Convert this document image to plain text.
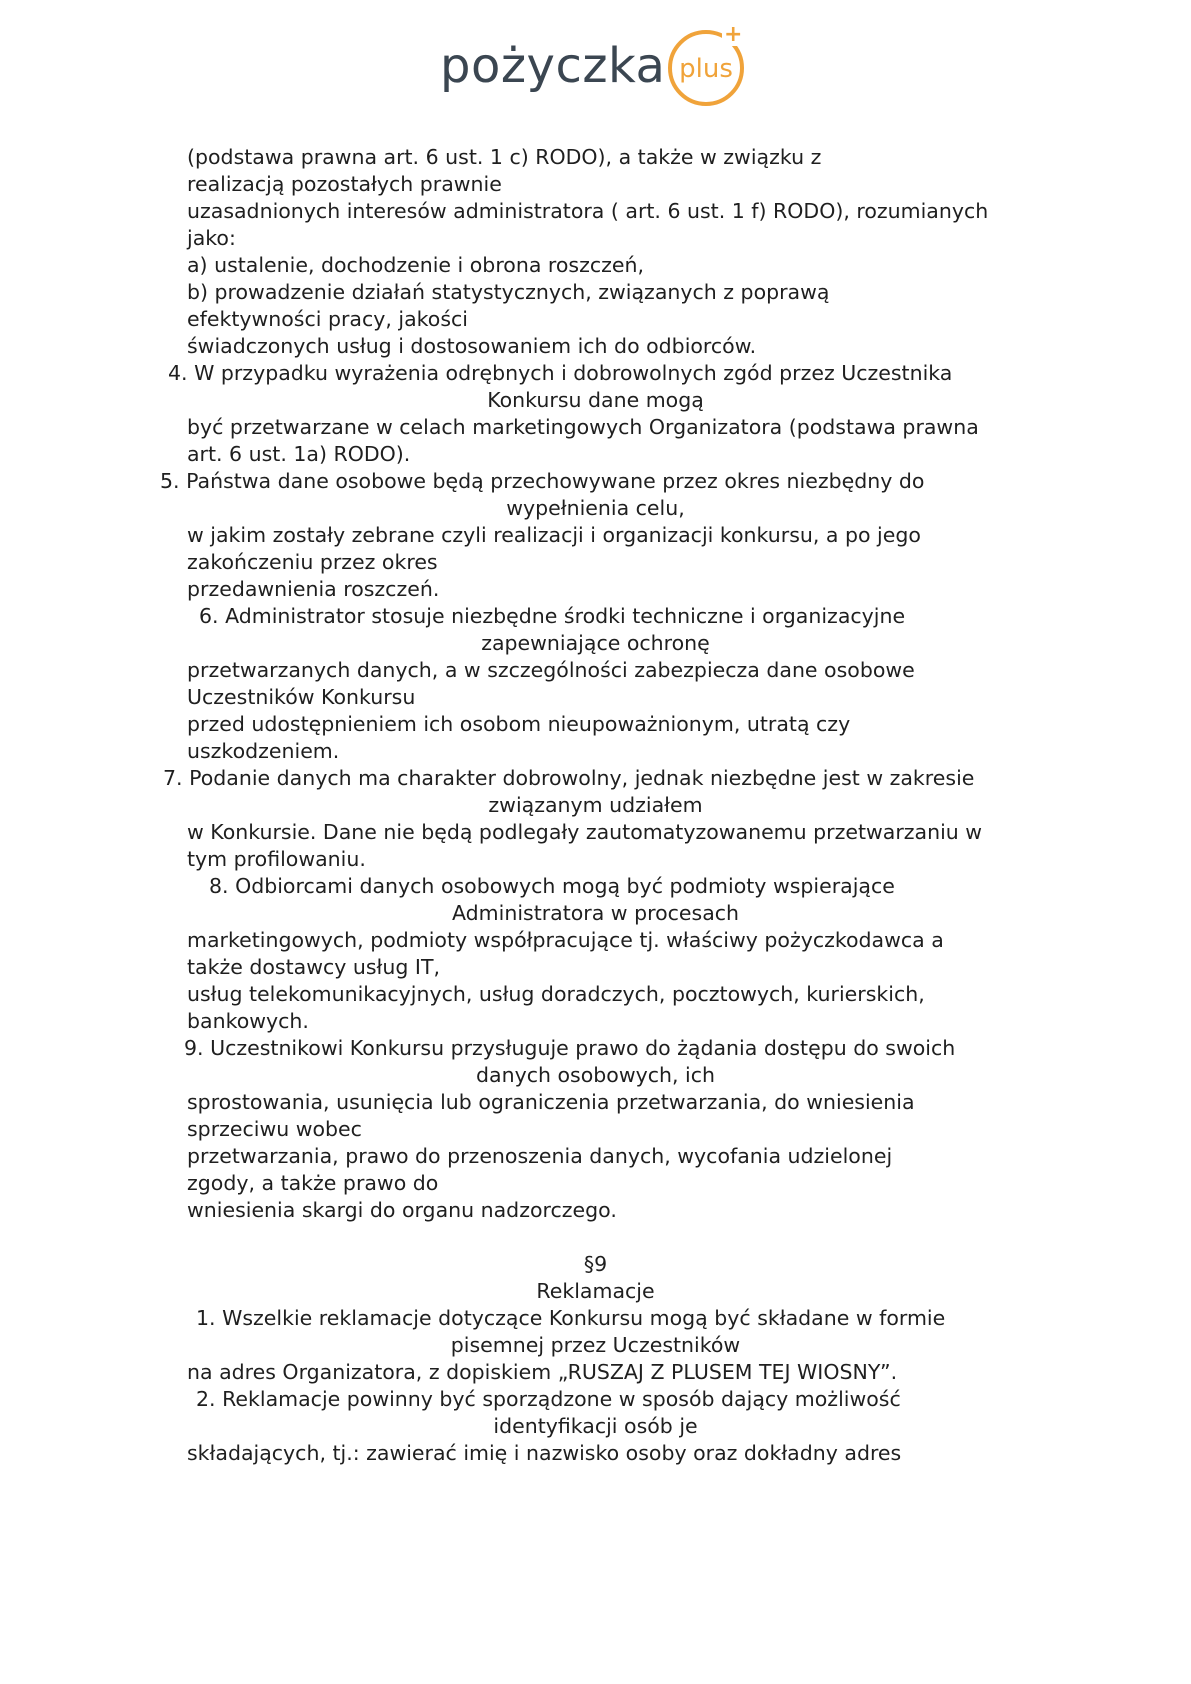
pożyczka plus
+
(podstawa prawna art. 6 ust. 1 c) RODO), a także w związku z
realizacją pozostałych prawnie
uzasadnionych interesów administratora ( art. 6 ust. 1 f) RODO), rozumianych
jako:
a) ustalenie, dochodzenie i obrona roszczeń,
b) prowadzenie działań statystycznych, związanych z poprawą
efektywności pracy, jakości
świadczonych usług i dostosowaniem ich do odbiorców.
4. W przypadku wyrażenia odrębnych i dobrowolnych zgód przez Uczestnika
Konkursu dane mogą
być przetwarzane w celach marketingowych Organizatora (podstawa prawna
art. 6 ust. 1a) RODO).
5. Państwa dane osobowe będą przechowywane przez okres niezbędny do
wypełnienia celu,
w jakim zostały zebrane czyli realizacji i organizacji konkursu, a po jego
zakończeniu przez okres
przedawnienia roszczeń.
6. Administrator stosuje niezbędne środki techniczne i organizacyjne
zapewniające ochronę
przetwarzanych danych, a w szczególności zabezpiecza dane osobowe
Uczestników Konkursu
przed udostępnieniem ich osobom nieupoważnionym, utratą czy
uszkodzeniem.
7. Podanie danych ma charakter dobrowolny, jednak niezbędne jest w zakresie
związanym udziałem
w Konkursie. Dane nie będą podlegały zautomatyzowanemu przetwarzaniu w
tym profilowaniu.
8. Odbiorcami danych osobowych mogą być podmioty wspierające
Administratora w procesach
marketingowych, podmioty współpracujące tj. właściwy pożyczkodawca a
także dostawcy usług IT,
usług telekomunikacyjnych, usług doradczych, pocztowych, kurierskich,
bankowych.
9. Uczestnikowi Konkursu przysługuje prawo do żądania dostępu do swoich
danych osobowych, ich
sprostowania, usunięcia lub ograniczenia przetwarzania, do wniesienia
sprzeciwu wobec
przetwarzania, prawo do przenoszenia danych, wycofania udzielonej
zgody, a także prawo do
wniesienia skargi do organu nadzorczego.
§9
Reklamacje
1. Wszelkie reklamacje dotyczące Konkursu mogą być składane w formie
pisemnej przez Uczestników
na adres Organizatora, z dopiskiem „RUSZAJ Z PLUSEM TEJ WIOSNY”.
2. Reklamacje powinny być sporządzone w sposób dający możliwość
identyfikacji osób je
składających, tj.: zawierać imię i nazwisko osoby oraz dokładny adres
